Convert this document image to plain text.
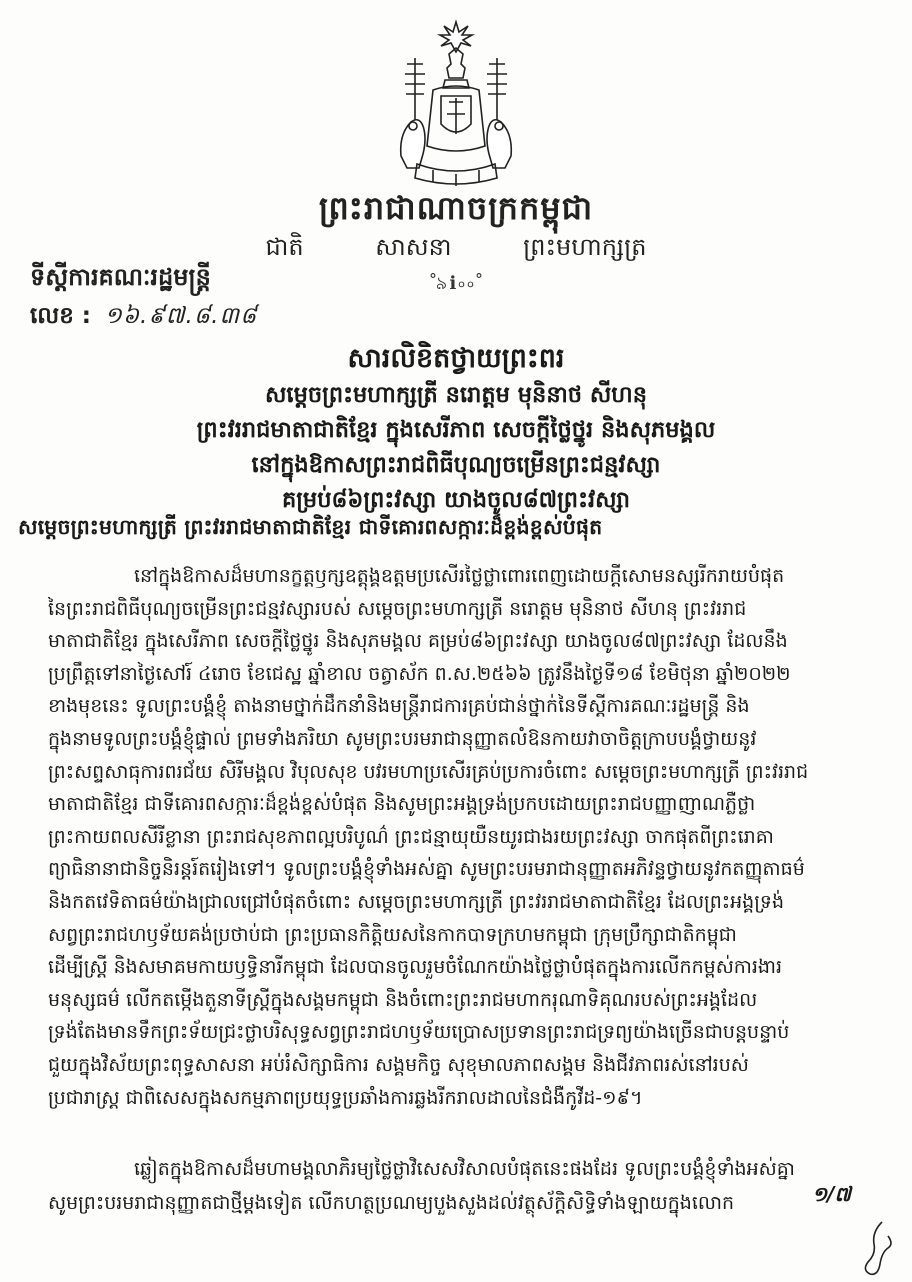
ព្រះរាជាណាចក្រកម្ពុជា
ជាតិ	សាសនា	ព្រះមហាក្សត្រ
ﹾ৯ℹ৹৹ﹾ
ទីស្តីការគណៈរដ្ឋមន្ត្រី
លេខ : ១៦.៩៧.៨.៣៨
សារលិខិតថ្វាយព្រះពរ
សម្តេចព្រះមហាក្សត្រី នរោត្តម មុនិនាថ សីហនុ
ព្រះវររាជមាតាជាតិខ្មែរ ក្នុងសេរីភាព សេចក្តីថ្លៃថ្នូរ និងសុភមង្គល
នៅក្នុងឱកាសព្រះរាជពិធីបុណ្យចម្រើនព្រះជន្មវស្សា
គម្រប់៨៦ព្រះវស្សា យាងចូល៨៧ព្រះវស្សា
សម្តេចព្រះមហាក្សត្រី ព្រះវររាជមាតាជាតិខ្មែរ ជាទីគោរពសក្ការៈដ៏ខ្ពង់ខ្ពស់បំផុត
នៅក្នុងឱកាសដ៏មហានក្ខត្តឫក្សឧត្តុង្គឧត្តមប្រសើរថ្លៃថ្លាពោរពេញដោយក្តីសោមនស្សរីករាយបំផុត
នៃព្រះរាជពិធីបុណ្យចម្រើនព្រះជន្មវស្សារបស់ សម្តេចព្រះមហាក្សត្រី នរោត្តម មុនិនាថ សីហនុ ព្រះវររាជ
មាតាជាតិខ្មែរ ក្នុងសេរីភាព សេចក្តីថ្លៃថ្នូរ និងសុភមង្គល គម្រប់៨៦ព្រះវស្សា យាងចូល៨៧ព្រះវស្សា ដែលនឹង
ប្រព្រឹត្តទៅនាថ្ងៃសៅរ៍ ៤រោច ខែជេស្ឋ ឆ្នាំខាល ចត្វាស័ក ព.ស.២៥៦៦ ត្រូវនឹងថ្ងៃទី១៨ ខែមិថុនា ឆ្នាំ២០២២
ខាងមុខនេះ ទូលព្រះបង្គំខ្ញុំ តាងនាមថ្នាក់ដឹកនាំនិងមន្ត្រីរាជការគ្រប់ជាន់ថ្នាក់នៃទីស្តីការគណៈរដ្ឋមន្ត្រី និង
ក្នុងនាមទូលព្រះបង្គំខ្ញុំផ្ទាល់ ព្រមទាំងភរិយា សូមព្រះបរមរាជានុញ្ញាតលំឱនកាយវាចាចិត្តក្រាបបង្គំថ្វាយនូវ
ព្រះសព្ទសាធុការពរជ័យ សិរីមង្គល វិបុលសុខ បវរមហាប្រសើរគ្រប់ប្រការចំពោះ សម្តេចព្រះមហាក្សត្រី ព្រះវររាជ
មាតាជាតិខ្មែរ ជាទីគោរពសក្ការៈដ៏ខ្ពង់ខ្ពស់បំផុត និងសូមព្រះអង្គទ្រង់ប្រកបដោយព្រះរាជបញ្ញាញាណភ្លឺថ្លា
ព្រះកាយពលសីរីខ្លានា ព្រះរាជសុខភាពល្អបរិបូណ៌ ព្រះជន្មាយុយឺនយូរជាងរយព្រះវស្សា ចាកផុតពីព្រះរោគា
ព្យាធិនានាជានិច្ចនិរន្តរ៍តរៀងទៅ។ ទូលព្រះបង្គំខ្ញុំទាំងអស់គ្នា សូមព្រះបរមរាជានុញ្ញាតអភិវន្ទថ្វាយនូវកតញ្ញុតាធម៌
និងកតវេទិតាធម៌យ៉ាងជ្រាលជ្រៅបំផុតចំពោះ សម្តេចព្រះមហាក្សត្រី ព្រះវររាជមាតាជាតិខ្មែរ ដែលព្រះអង្គទ្រង់
សព្វព្រះរាជហឫទ័យគង់ប្រថាប់ជា ព្រះប្រធានកិត្តិយសនៃកាកបាទក្រហមកម្ពុជា ក្រុមប្រឹក្សាជាតិកម្ពុជា
ដើម្បីស្ត្រី និងសមាគមកាយឫទ្ធិនារីកម្ពុជា ដែលបានចូលរួមចំណែកយ៉ាងថ្លៃថ្លាបំផុតក្នុងការលើកកម្ពស់ការងារ
មនុស្សធម៌ លើកតម្កើងតួនាទីស្ត្រីក្នុងសង្គមកម្ពុជា និងចំពោះព្រះរាជមហាករុណាទិគុណរបស់ព្រះអង្គដែល
ទ្រង់តែងមានទឹកព្រះទ័យជ្រះថ្លាបរិសុទ្ធសព្វព្រះរាជហឫទ័យប្រោសប្រទានព្រះរាជទ្រព្យយ៉ាងច្រើនជាបន្តបន្ទាប់
ជួយក្នុងវិស័យព្រះពុទ្ធសាសនា អប់រំសិក្សាធិការ សង្គមកិច្ច សុខុមាលភាពសង្គម និងជីវភាពរស់នៅរបស់
ប្រជារាស្ត្រ ជាពិសេសក្នុងសកម្មភាពប្រយុទ្ធប្រឆាំងការឆ្លងរីករាលដាលនៃជំងឺកូវីដ-១៩។
ឆ្លៀតក្នុងឱកាសដ៏មហាមង្គលាភិរម្យថ្លៃថ្លាវិសេសវិសាលបំផុតនេះផងដែរ ទូលព្រះបង្គំខ្ញុំទាំងអស់គ្នា
សូមព្រះបរមរាជានុញ្ញាតជាថ្មីម្តងទៀត លើកហត្ថប្រណម្យបួងសួងដល់វត្ថុស័ក្តិសិទ្ធិទាំងឡាយក្នុងលោក	១/៧
